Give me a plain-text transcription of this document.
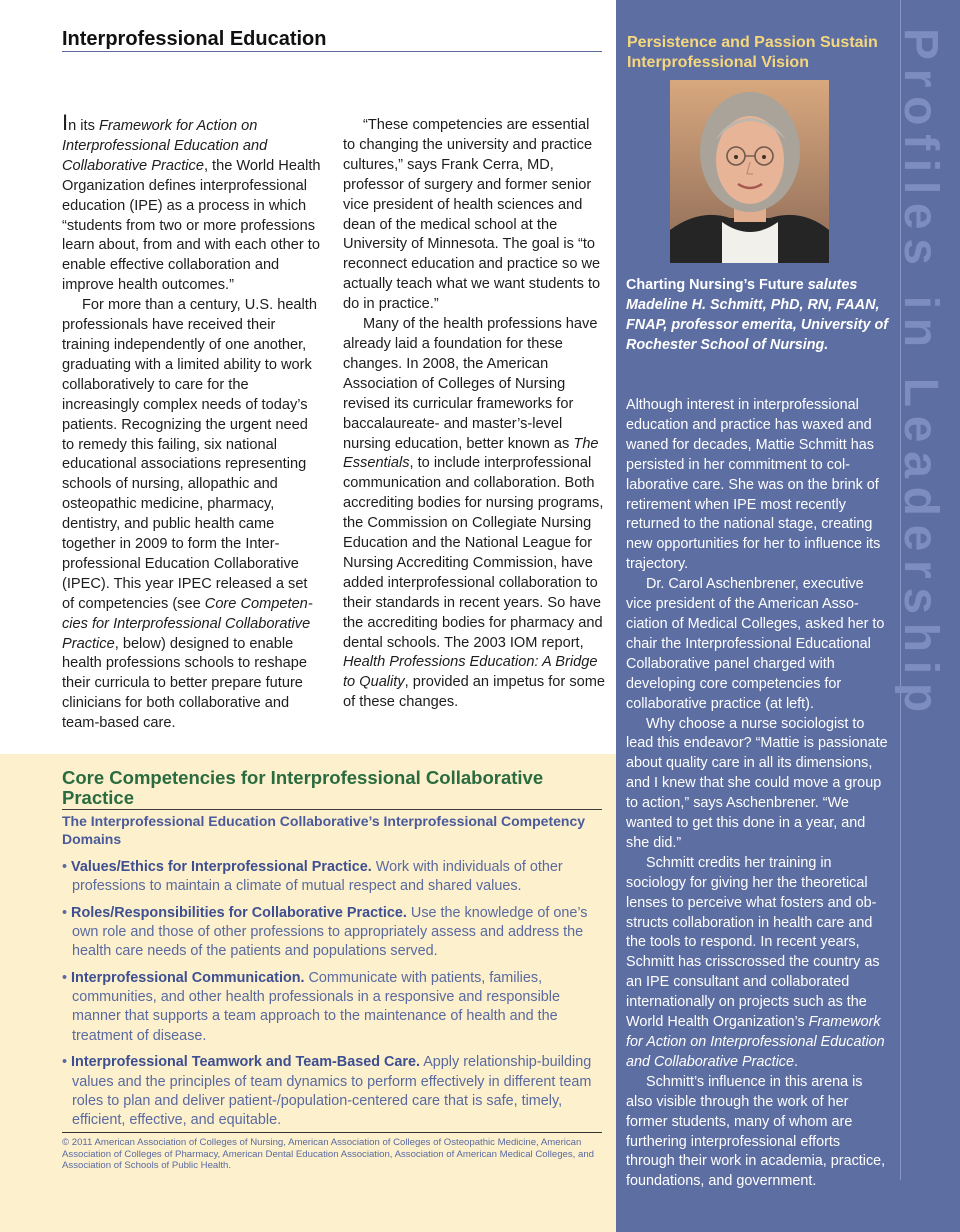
Interprofessional Education

In its Framework for Action on Interprofessional Education and Collaborative Practice, the World Health Organization defines interprofessional education (IPE) as a process in which “students from two or more professions learn about, from and with each other to enable effective collaboration and improve health outcomes.”

For more than a century, U.S. health professionals have received their training independently of one another, graduating with a limited ability to work collaboratively to care for the increasingly complex needs of today’s patients. Recognizing the urgent need to remedy this failing, six national educational associations representing schools of nursing, allopathic and osteopathic medicine, pharmacy, dentistry, and public health came together in 2009 to form the Interprofessional Education Collaborative (IPEC). This year IPEC released a set of competencies (see Core Competencies for Interprofessional Collaborative Practice, below) designed to enable health professions schools to reshape their curricula to better prepare future clinicians for both collaborative and team-based care.

“These competencies are essential to changing the university and practice cultures,” says Frank Cerra, MD, professor of surgery and former senior vice president of health sciences and dean of the medical school at the University of Minnesota. The goal is “to reconnect education and practice so we actually teach what we want students to do in practice.”

Many of the health professions have already laid a foundation for these changes. In 2008, the American Association of Colleges of Nursing revised its curricular frameworks for baccalaureate- and master’s-level nursing education, better known as The Essentials, to include interprofessional communication and collaboration. Both accrediting bodies for nursing programs, the Commission on Collegiate Nursing Education and the National League for Nursing Accrediting Commission, have added interprofessional collaboration to their standards in recent years. So have the accrediting bodies for pharmacy and dental schools. The 2003 IOM report, Health Professions Education: A Bridge to Quality, provided an impetus for some of these changes.

Core Competencies for Interprofessional Collaborative Practice
The Interprofessional Education Collaborative’s Interprofessional Competency Domains
• Values/Ethics for Interprofessional Practice. Work with individuals of other professions to maintain a climate of mutual respect and shared values.
• Roles/Responsibilities for Collaborative Practice. Use the knowledge of one’s own role and those of other professions to appropriately assess and address the health care needs of the patients and populations served.
• Interprofessional Communication. Communicate with patients, families, communities, and other health professionals in a responsive and responsible manner that supports a team approach to the maintenance of health and the treatment of disease.
• Interprofessional Teamwork and Team-Based Care. Apply relationship-building values and the principles of team dynamics to perform effectively in different team roles to plan and deliver patient-/population-centered care that is safe, timely, efficient, effective, and equitable.
© 2011 American Association of Colleges of Nursing, American Association of Colleges of Osteopathic Medicine, American Association of Colleges of Pharmacy, American Dental Education Association, Association of American Medical Colleges, and Association of Schools of Public Health.
Profiles in Leadership
Persistence and Passion Sustain Interprofessional Vision
Charting Nursing’s Future salutes Madeline H. Schmitt, PhD, RN, FAAN, FNAP, professor emerita, University of Rochester School of Nursing.

Although interest in interprofessional education and practice has waxed and waned for decades, Mattie Schmitt has persisted in her commitment to collaborative care. She was on the brink of retirement when IPE most recently returned to the national stage, creating new opportunities for her to influence its trajectory.

Dr. Carol Aschenbrener, executive vice president of the American Association of Medical Colleges, asked her to chair the Interprofessional Educational Collaborative panel charged with developing core competencies for collaborative practice (at left).

Why choose a nurse sociologist to lead this endeavor? “Mattie is passionate about quality care in all its dimensions, and I knew that she could move a group to action,” says Aschenbrener. “We wanted to get this done in a year, and she did.”

Schmitt credits her training in sociology for giving her the theoretical lenses to perceive what fosters and obstructs collaboration in health care and the tools to respond. In recent years, Schmitt has crisscrossed the country as an IPE consultant and collaborated internationally on projects such as the World Health Organization’s Framework for Action on Interprofessional Education and Collaborative Practice.

Schmitt’s influence in this arena is also visible through the work of her former students, many of whom are furthering interprofessional efforts through their work in academia, practice, foundations, and government.
